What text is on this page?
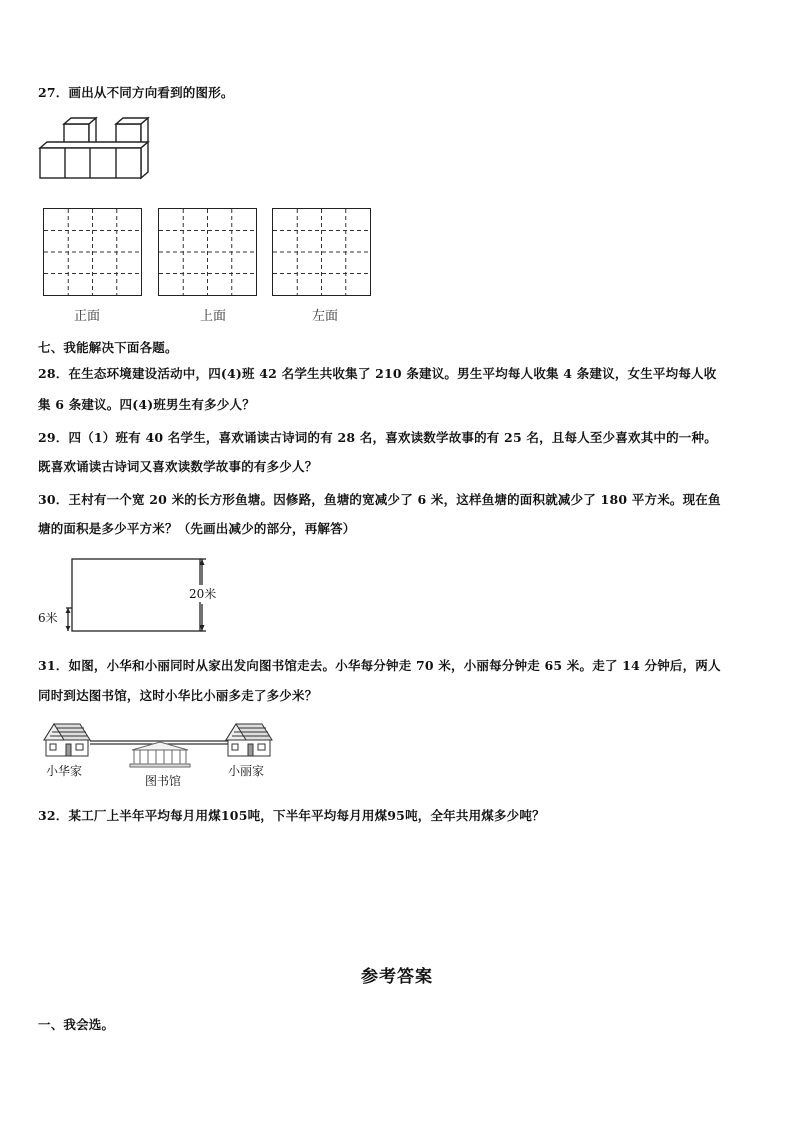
27．画出从不同方向看到的图形。
正面	上面	左面
七、我能解决下面各题。
28．在生态环境建设活动中，四(4)班 42 名学生共收集了 210 条建议。男生平均每人收集 4 条建议，女生平均每人收
集 6 条建议。四(4)班男生有多少人？
29．四（1）班有 40 名学生，喜欢诵读古诗词的有 28 名，喜欢读数学故事的有 25 名，且每人至少喜欢其中的一种。
既喜欢诵读古诗词又喜欢读数学故事的有多少人？
30．王村有一个宽 20 米的长方形鱼塘。因修路，鱼塘的宽减少了 6 米，这样鱼塘的面积就减少了 180 平方米。现在鱼
塘的面积是多少平方米？（先画出减少的部分，再解答）
20米
6米
31．如图，小华和小丽同时从家出发向图书馆走去。小华每分钟走 70 米，小丽每分钟走 65 米。走了 14 分钟后，两人
同时到达图书馆，这时小华比小丽多走了多少米？
小华家
图书馆
小丽家
32．某工厂上半年平均每月用煤105吨，下半年平均每月用煤95吨，全年共用煤多少吨？
参考答案
一、我会选。
